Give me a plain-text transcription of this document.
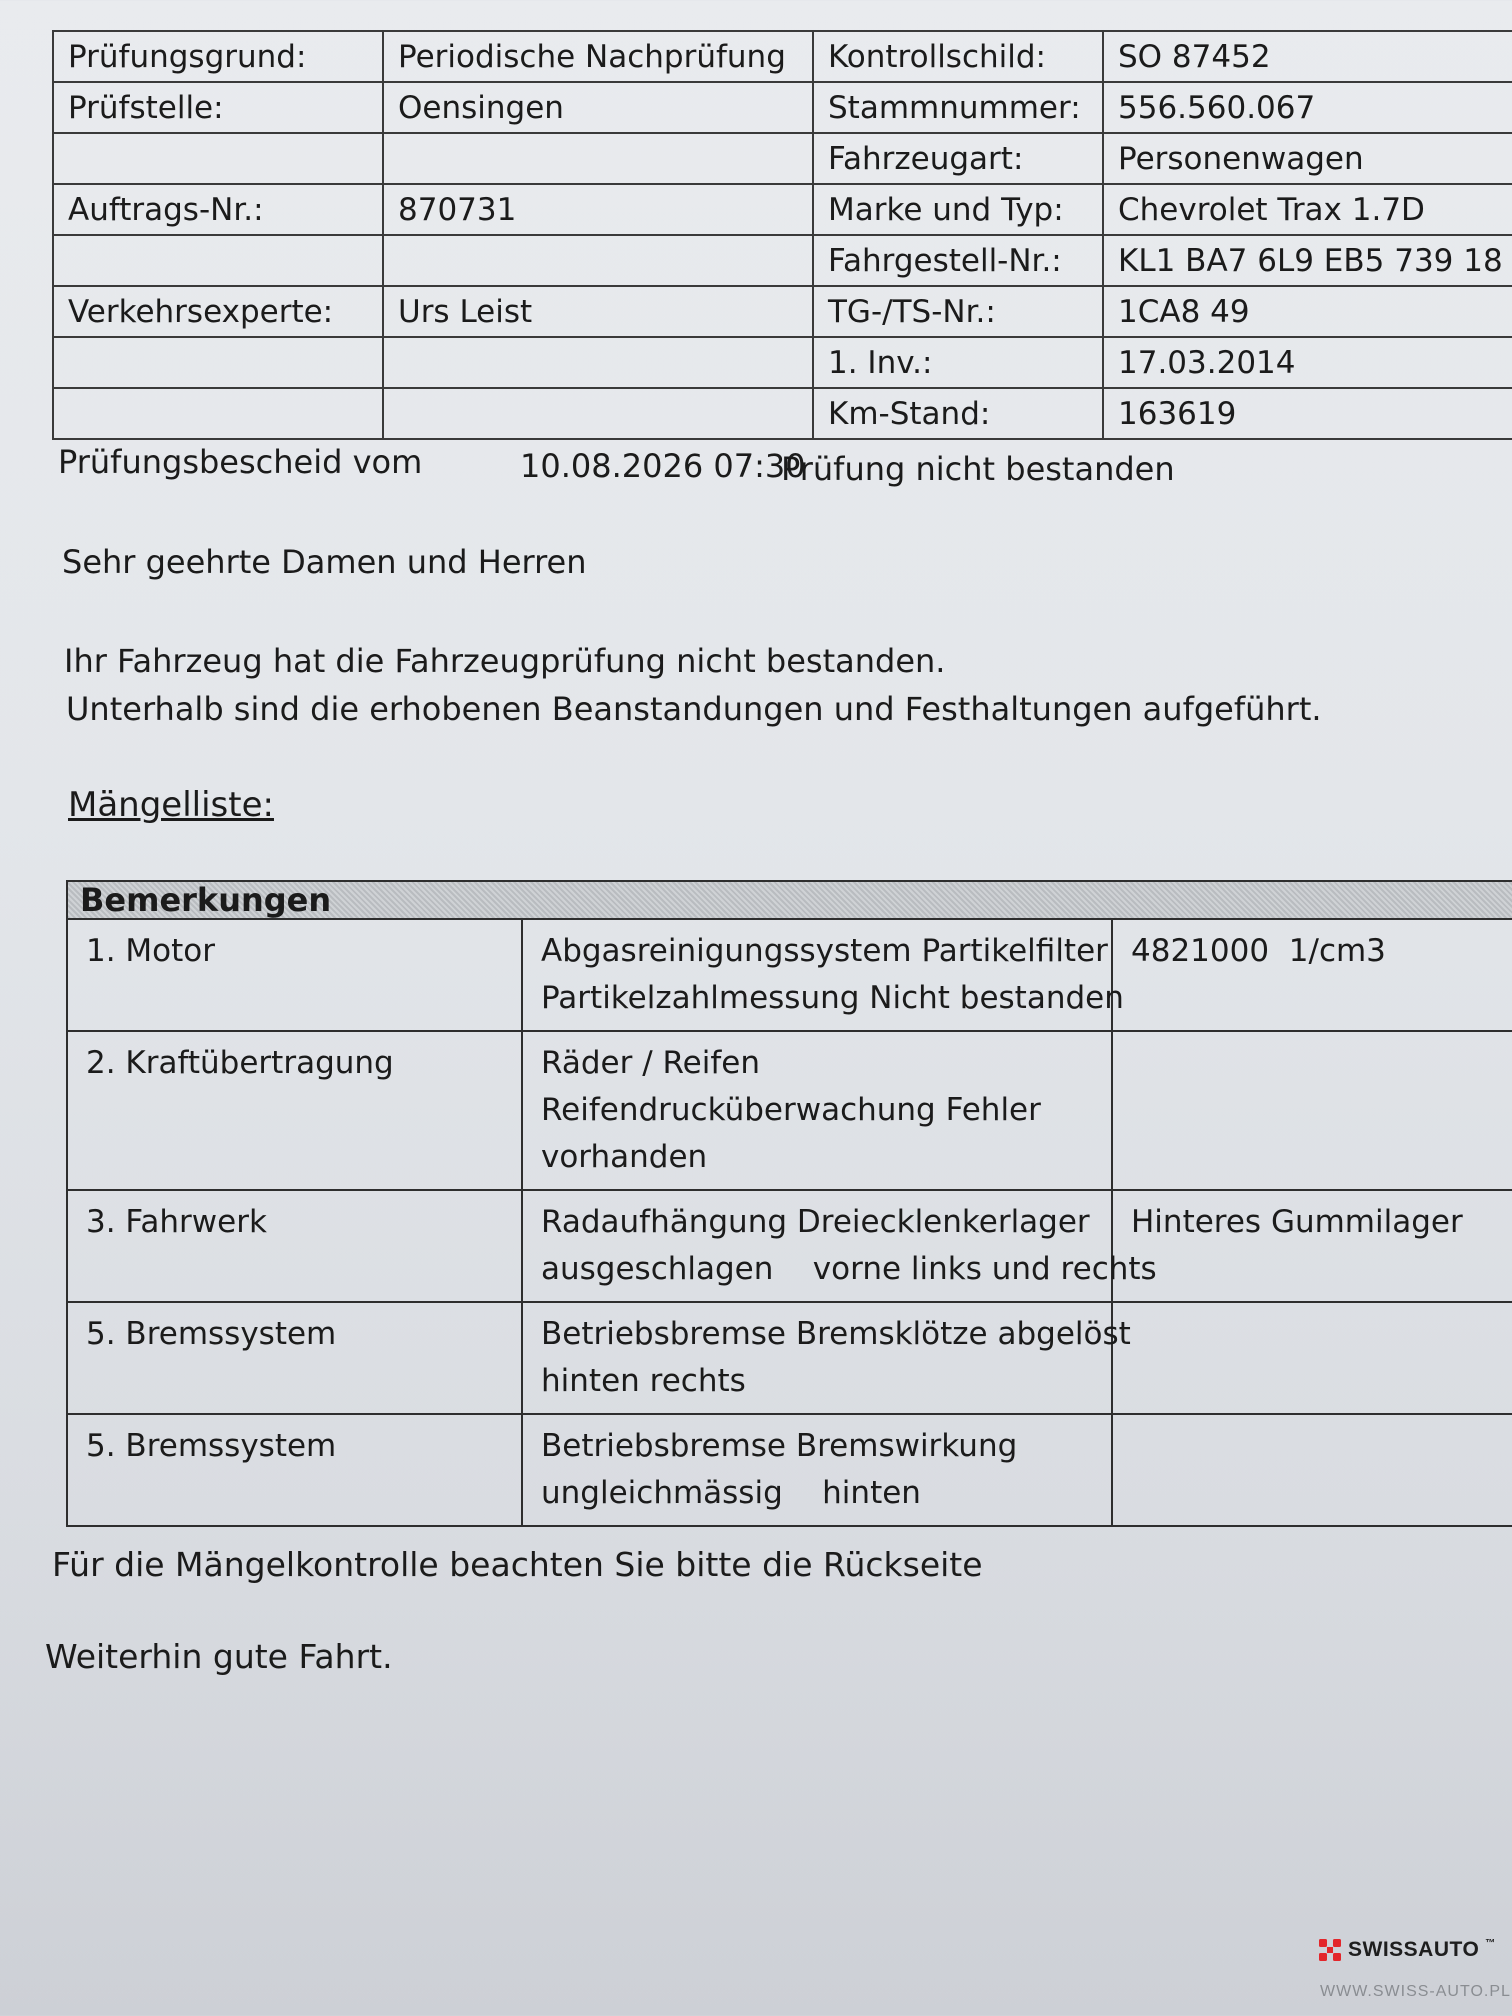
Prüfungsgrund:	Periodische Nachprüfung	Kontrollschild:	SO 87452
Prüfstelle:	Oensingen	Stammnummer:	556.560.067
		Fahrzeugart:	Personenwagen
Auftrags-Nr.:	870731	Marke und Typ:	Chevrolet Trax 1.7D
		Fahrgestell-Nr.:	KL1 BA7 6L9 EB5 739 18
Verkehrsexperte:	Urs Leist	TG-/TS-Nr.:	1CA8 49
		1. Inv.:	17.03.2014
		Km-Stand:	163619
Prüfungsbescheid vom	10.08.2026 07:30
Prüfung nicht bestanden
Sehr geehrte Damen und Herren
Ihr Fahrzeug hat die Fahrzeugprüfung nicht bestanden.
Unterhalb sind die erhobenen Beanstandungen und Festhaltungen aufgeführt.
Mängelliste:
Bemerkungen		
1. Motor	Abgasreinigungssystem Partikelfilter
Partikelzahlmessung Nicht bestanden	4821000  1/cm3
2. Kraftübertragung	Räder / Reifen
Reifendrucküberwachung Fehler
vorhanden	

3. Fahrwerk	Radaufhängung Dreiecklenkerlager
ausgeschlagen    vorne links und rechts	Hinteres Gummilager
5. Bremssystem	Betriebsbremse Bremsklötze abgelöst
hinten rechts	

5. Bremssystem	Betriebsbremse Bremswirkung
ungleichmässig    hinten	

Für die Mängelkontrolle beachten Sie bitte die Rückseite
Weiterhin gute Fahrt.
SWISSAUTO ™
WWW.SWISS-AUTO.PL
